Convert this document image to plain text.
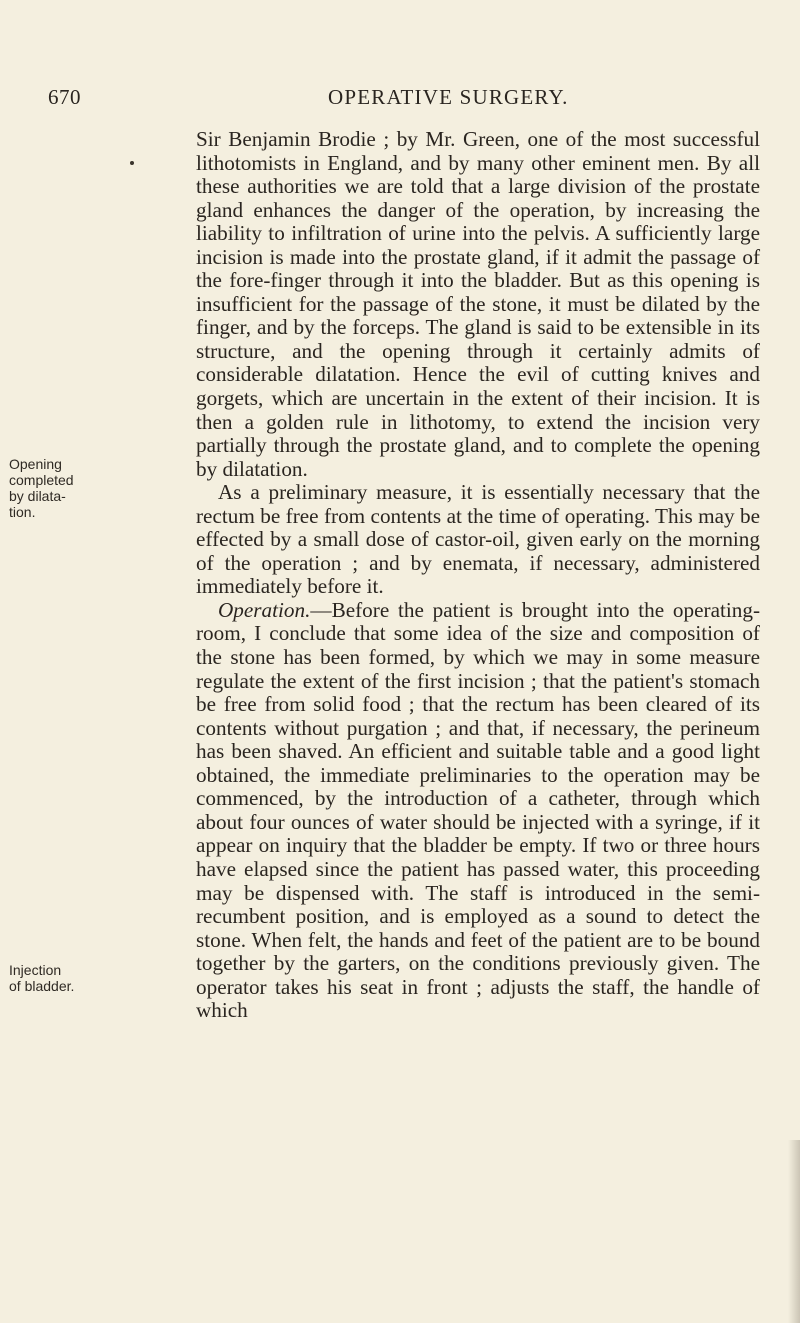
670	OPERATIVE SURGERY.
Opening
completed
by dilata-
tion.
Injection
of bladder.

Sir Benjamin Brodie ; by Mr. Green, one of the most successful lithotomists in England, and by many other eminent men. By all these authorities we are told that a large division of the prostate gland enhances the danger of the operation, by increasing the liability to infiltration of urine into the pelvis. A sufficiently large incision is made into the prostate gland, if it admit the passage of the fore-finger through it into the bladder. But as this opening is insufficient for the passage of the stone, it must be dilated by the finger, and by the forceps. The gland is said to be extensible in its structure, and the opening through it certainly admits of considerable dilatation. Hence the evil of cutting knives and gorgets, which are uncertain in the extent of their incision. It is then a golden rule in lithotomy, to extend the incision very partially through the prostate gland, and to complete the opening by dilatation.

As a preliminary measure, it is essentially necessary that the rectum be free from contents at the time of operating. This may be effected by a small dose of castor-oil, given early on the morning of the operation ; and by enemata, if necessary, administered immediately before it.

Operation.—Before the patient is brought into the operating-room, I conclude that some idea of the size and composition of the stone has been formed, by which we may in some measure regulate the extent of the first incision ; that the patient's stomach be free from solid food ; that the rectum has been cleared of its contents without purgation ; and that, if necessary, the perineum has been shaved. An efficient and suitable table and a good light obtained, the immediate preliminaries to the operation may be commenced, by the introduction of a catheter, through which about four ounces of water should be injected with a syringe, if it appear on inquiry that the bladder be empty. If two or three hours have elapsed since the patient has passed water, this proceeding may be dispensed with. The staff is introduced in the semi-recumbent position, and is employed as a sound to detect the stone. When felt, the hands and feet of the patient are to be bound together by the garters, on the conditions previously given. The operator takes his seat in front ; adjusts the staff, the handle of which
